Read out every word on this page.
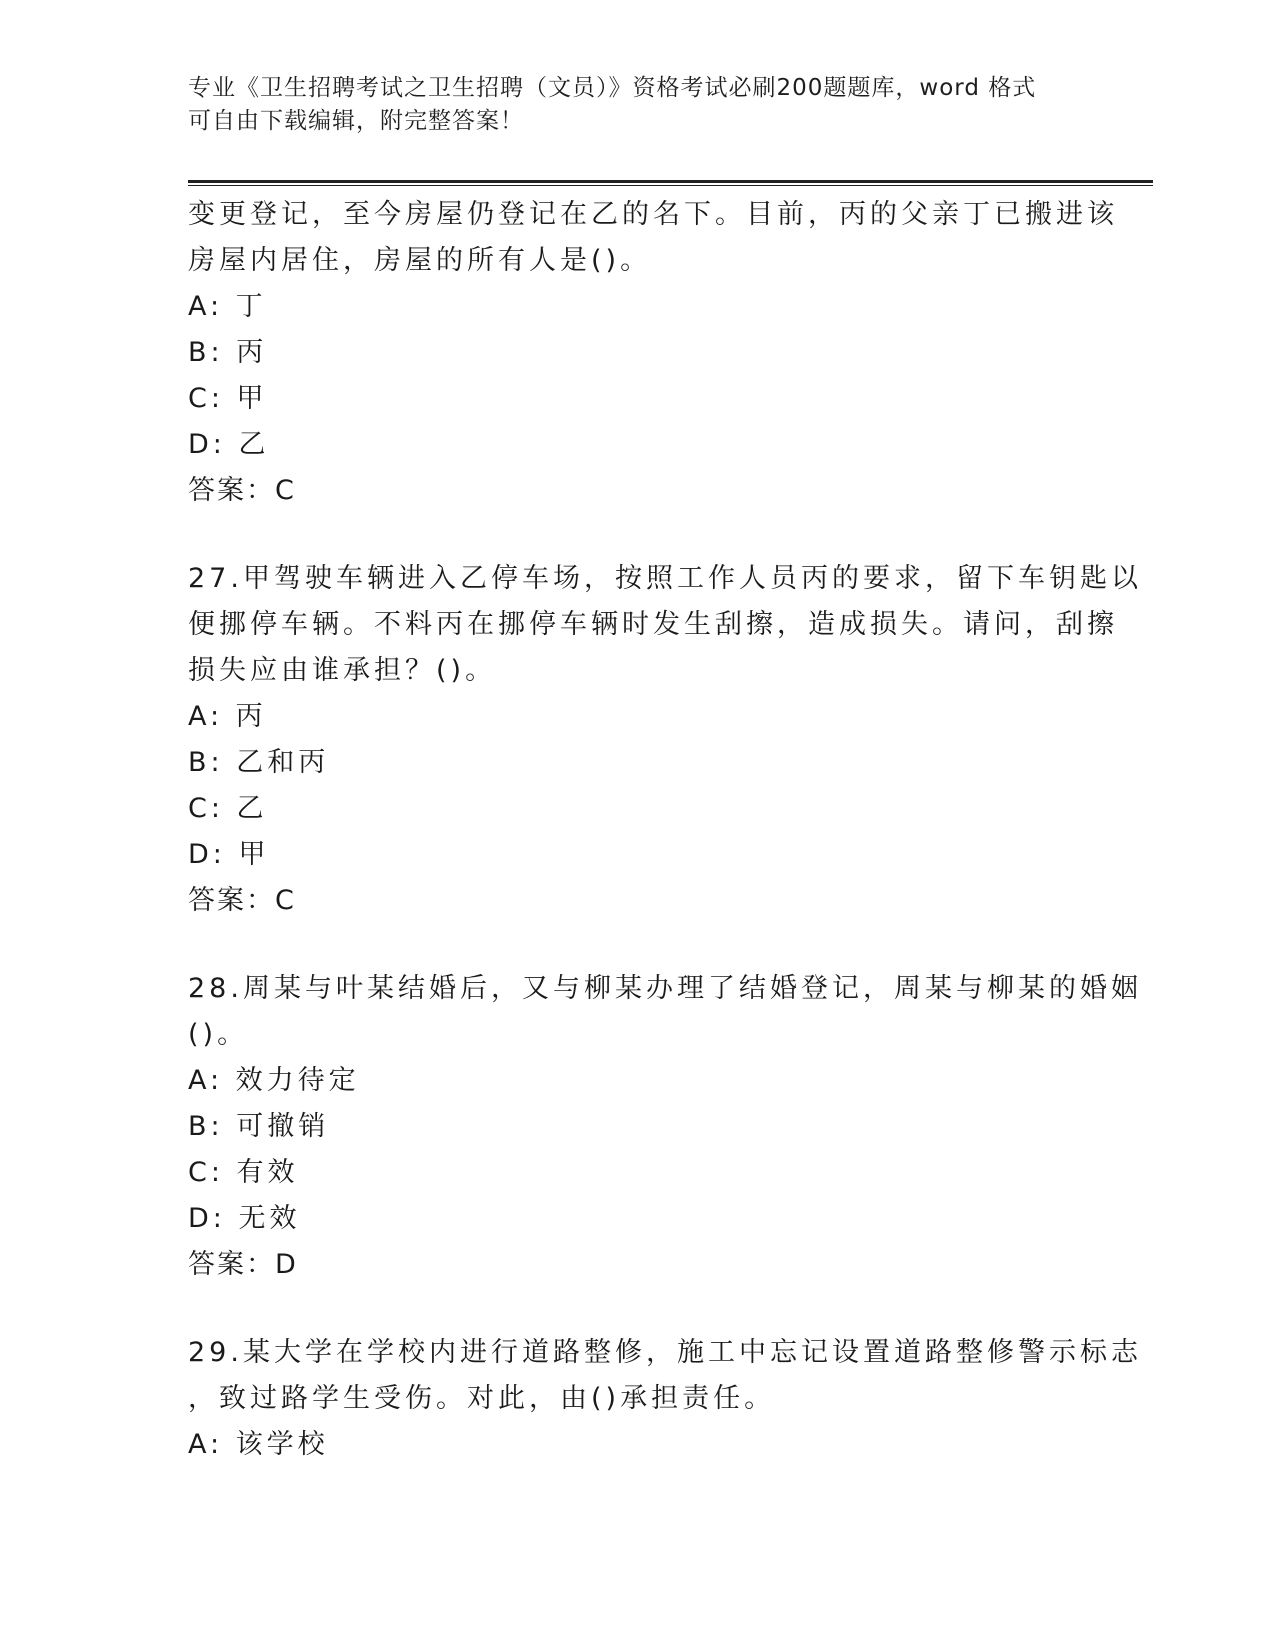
专业《卫生招聘考试之卫生招聘（文员）》资格考试必刷200题题库，word 格式
可自由下载编辑，附完整答案！
变更登记，至今房屋仍登记在乙的名下。目前，丙的父亲丁已搬进该
房屋内居住，房屋的所有人是()。
A: 丁
B: 丙
C: 甲
D: 乙
答案：C
27.甲驾驶车辆进入乙停车场，按照工作人员丙的要求，留下车钥匙以
便挪停车辆。不料丙在挪停车辆时发生刮擦，造成损失。请问，刮擦
损失应由谁承担？()。
A: 丙
B: 乙和丙
C: 乙
D: 甲
答案：C
28.周某与叶某结婚后，又与柳某办理了结婚登记，周某与柳某的婚姻
()。
A: 效力待定
B: 可撤销
C: 有效
D: 无效
答案：D
29.某大学在学校内进行道路整修，施工中忘记设置道路整修警示标志
，致过路学生受伤。对此，由()承担责任。
A: 该学校
